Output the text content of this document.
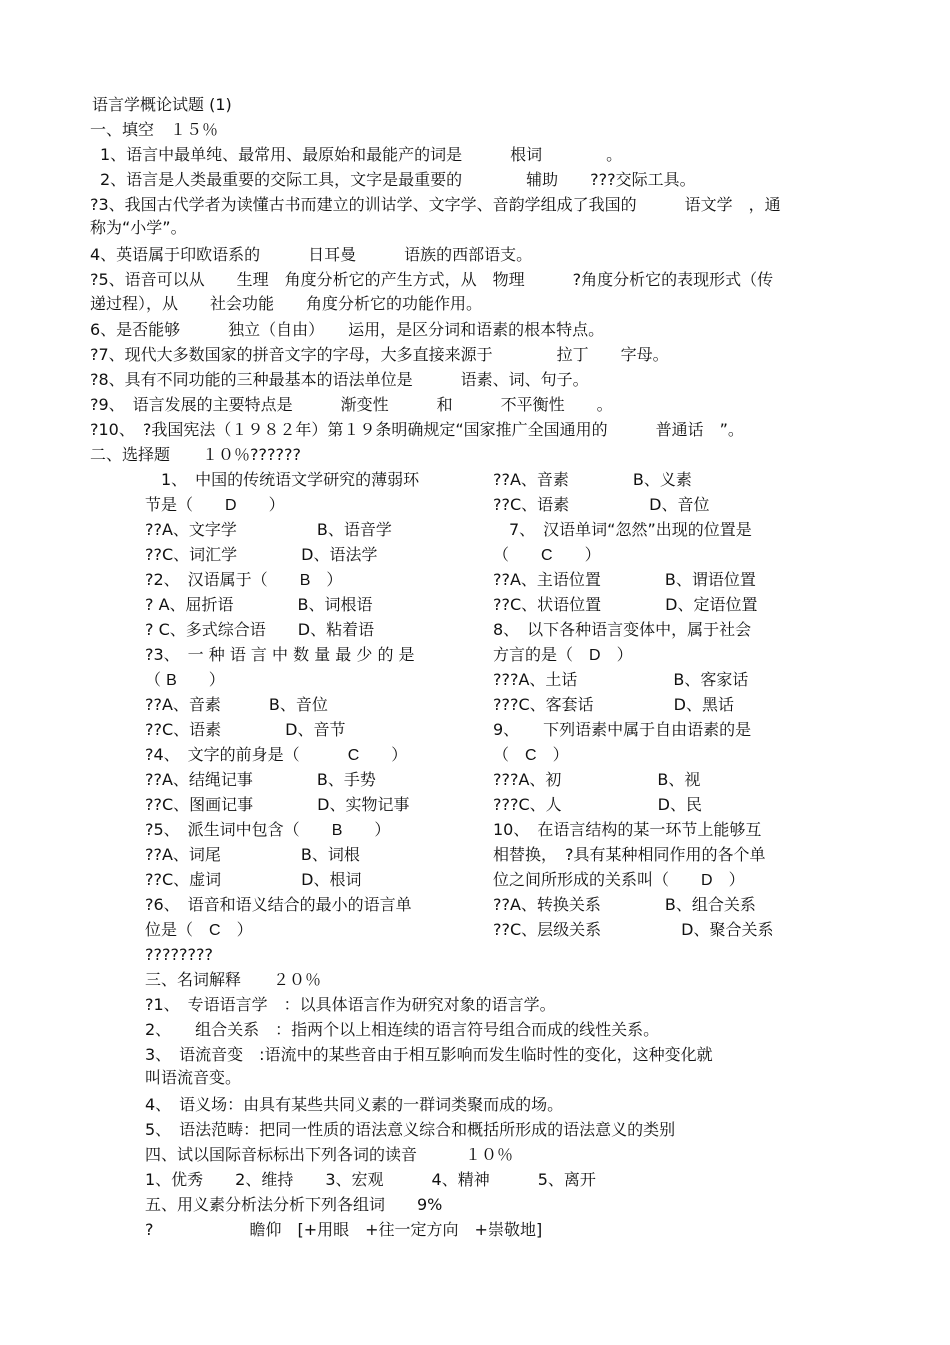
语言学概论试题 (1)
一、填空　１５％
1、语言中最单纯、最常用、最原始和最能产的词是　　　根词　　　　。
2、语言是人类最重要的交际工具，文字是最重要的　　　　辅助　　???交际工具。
?3、我国古代学者为读懂古书而建立的训诂学、文字学、音韵学组成了我国的　　　语文学　，通
称为“小学”。
4、英语属于印欧语系的　　　日耳曼　　　语族的西部语支。
?5、语音可以从　　生理　角度分析它的产生方式，从　物理　　　?角度分析它的表现形式（传
递过程），从　　社会功能　　角度分析它的功能作用。
6、是否能够　　　独立（自由）　　运用，是区分词和语素的根本特点。
?7、现代大多数国家的拼音文字的字母，大多直接来源于　　　　拉丁　　字母。
?8、具有不同功能的三种最基本的语法单位是　　　语素、词、句子。
?9、　语言发展的主要特点是　　　渐变性　　　和　　　不平衡性　　。
?10、　?我国宪法（１９８２年）第１９条明确规定“国家推广全国通用的　　　普通话　”。
二、选择题　　１０％??????
　1、　中国的传统语文学研究的薄弱环
节是（　　D　　）
??A、文字学　　　　　B、语音学
??C、词汇学　　　　D、语法学
?2、　汉语属于（　　B　）
? A、屈折语　　　　B、词根语
? C、多式综合语　　D、粘着语
?3、　一 种 语 言 中 数 量 最 少 的 是
（ B　　）
??A、音素　　　B、音位
??C、语素　　　　D、音节
?4、　文字的前身是（　　　C　　）
??A、结绳记事　　　　B、手势
??C、图画记事　　　　D、实物记事
?5、　派生词中包含（　　B　　）
??A、词尾　　　　　B、词根
??C、虚词　　　　　D、根词
?6、　语音和语义结合的最小的语言单
位是（　C　）
????????
??A、音素　　　　B、义素
??C、语素　　　　　D、音位
　7、　汉语单词“忽然”出现的位置是
（　　C　　）
??A、主语位置　　　　B、谓语位置
??C、状语位置　　　　D、定语位置
8、　以下各种语言变体中，属于社会
方言的是（　D　）
???A、土话　　　　　　B、客家话
???C、客套话　　　　　D、黑话
9、　　下列语素中属于自由语素的是
（　C　）
???A、初　　　　　　B、视
???C、人　　　　　　D、民
10、　在语言结构的某一环节上能够互
相替换，　?具有某种相同作用的各个单
位之间所形成的关系叫（　　D　）
??A、转换关系　　　　B、组合关系
??C、层级关系　　　　　D、聚合关系
三、名词解释　　２０％
?1、　专语语言学　：以具体语言作为研究对象的语言学。
2、　　组合关系　：指两个以上相连续的语言符号组合而成的线性关系。
3、　语流音变　:语流中的某些音由于相互影响而发生临时性的变化，这种变化就
叫语流音变。
4、　语义场：由具有某些共同义素的一群词类聚而成的场。
5、　语法范畴：把同一性质的语法意义综合和概括所形成的语法意义的类别
四、试以国际音标标出下列各词的读音　　　１０％
1、优秀　　2、维持　　3、宏观　　　4、精神　　　5、离开
五、用义素分析法分析下列各组词　　9%
?　　　　　　瞻仰　[+用眼　+往一定方向　+崇敬地]
